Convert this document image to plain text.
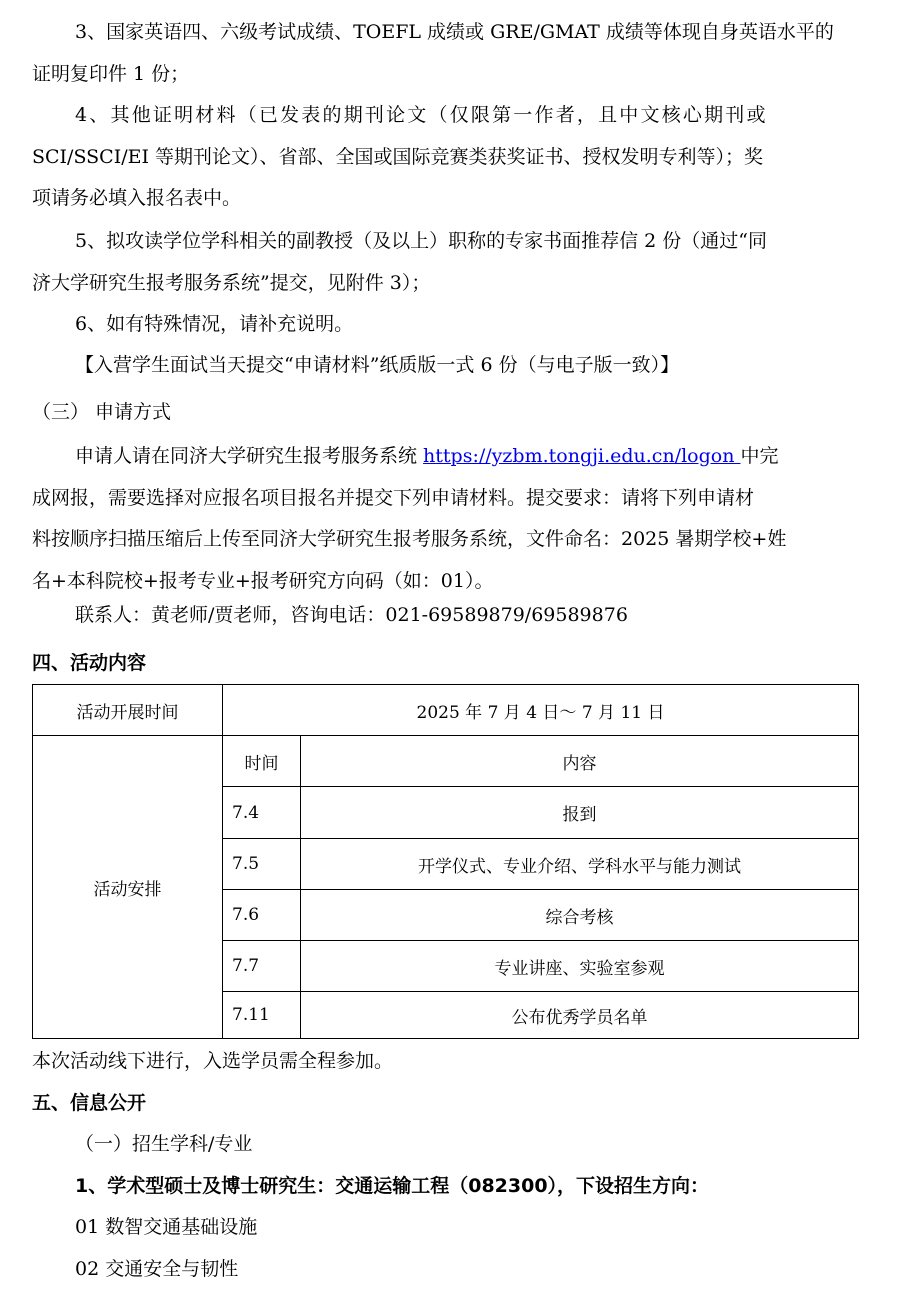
3、国家英语四、六级考试成绩、TOEFL 成绩或 GRE/GMAT 成绩等体现自身英语水平的
证明复印件 1 份；
4、其他证明材料（已发表的期刊论文（仅限第一作者，且中文核心期刊或
SCI/SSCI/EI 等期刊论文）、省部、全国或国际竞赛类获奖证书、授权发明专利等）；奖
项请务必填入报名表中。
5、拟攻读学位学科相关的副教授（及以上）职称的专家书面推荐信 2 份（通过“同
济大学研究生报考服务系统”提交，见附件 3）；
6、如有特殊情况，请补充说明。
【入营学生面试当天提交“申请材料”纸质版一式 6 份（与电子版一致）】
（三） 申请方式
申请人请在同济大学研究生报考服务系统 https://yzbm.tongji.edu.cn/logon 中完
成网报，需要选择对应报名项目报名并提交下列申请材料。提交要求：请将下列申请材
料按顺序扫描压缩后上传至同济大学研究生报考服务系统，文件命名：2025 暑期学校+姓
名+本科院校+报考专业+报考研究方向码（如：01）。
联系人：黄老师/贾老师，咨询电话：021-69589879/69589876
四、活动内容
活动开展时间	2025 年 7 月 4 日～ 7 月 11 日	
活动安排	时间	内容
	7.4	报到
	7.5	开学仪式、专业介绍、学科水平与能力测试
	7.6	综合考核
	7.7	专业讲座、实验室参观
	7.11	公布优秀学员名单
本次活动线下进行，入选学员需全程参加。
五、信息公开
（一）招生学科/专业
1、学术型硕士及博士研究生：交通运输工程（082300），下设招生方向：
01 数智交通基础设施
02 交通安全与韧性
